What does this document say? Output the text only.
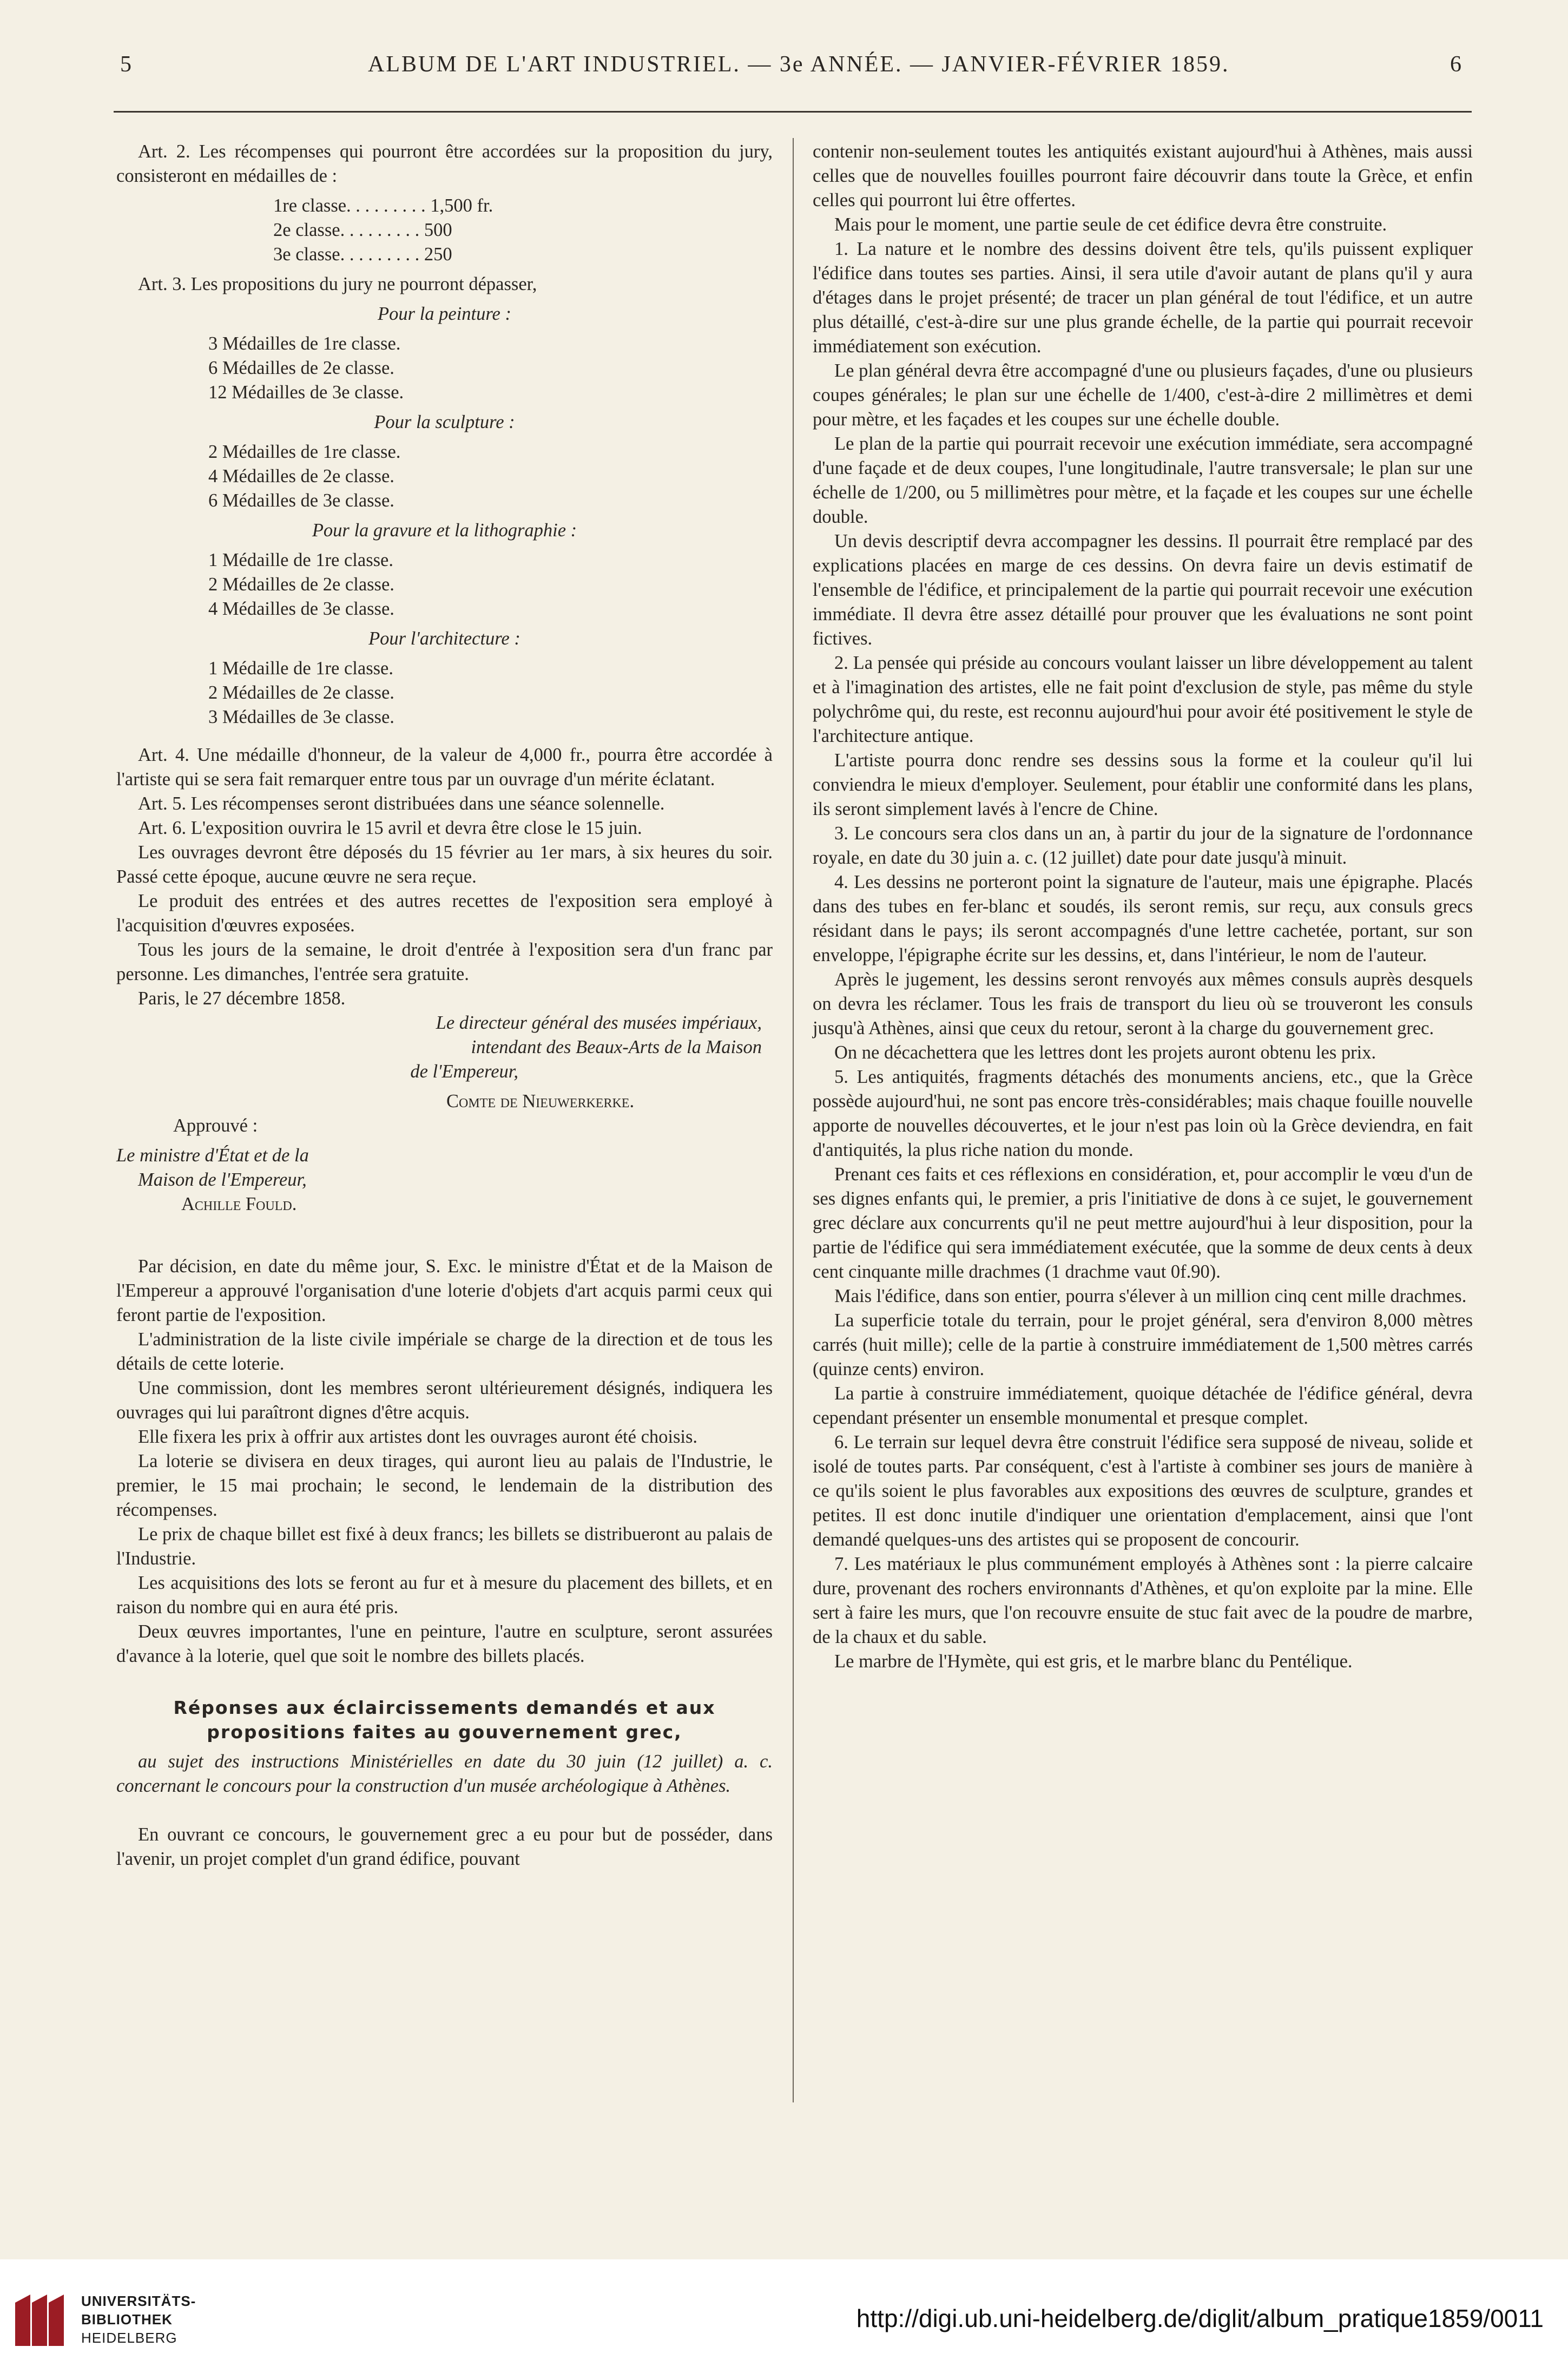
5	ALBUM DE L'ART INDUSTRIEL. — 3e ANNÉE. — JANVIER-FÉVRIER 1859.	6

Art. 2. Les récompenses qui pourront être accordées sur la proposition du jury, consisteront en médailles de :

1re classe. . . . . . . . . 1,500 fr.

2e classe. . . . . . . . . 500

3e classe. . . . . . . . . 250

Art. 3. Les propositions du jury ne pourront dépasser,

Pour la peinture :

3 Médailles de 1re classe.

6 Médailles de 2e classe.

12 Médailles de 3e classe.

Pour la sculpture :

2 Médailles de 1re classe.

4 Médailles de 2e classe.

6 Médailles de 3e classe.

Pour la gravure et la lithographie :

1 Médaille de 1re classe.

2 Médailles de 2e classe.

4 Médailles de 3e classe.

Pour l'architecture :

1 Médaille de 1re classe.

2 Médailles de 2e classe.

3 Médailles de 3e classe.

Art. 4. Une médaille d'honneur, de la valeur de 4,000 fr., pourra être accordée à l'artiste qui se sera fait remarquer entre tous par un ouvrage d'un mérite éclatant.

Art. 5. Les récompenses seront distribuées dans une séance solennelle.

Art. 6. L'exposition ouvrira le 15 avril et devra être close le 15 juin.

Les ouvrages devront être déposés du 15 février au 1er mars, à six heures du soir. Passé cette époque, aucune œuvre ne sera reçue.

Le produit des entrées et des autres recettes de l'exposition sera employé à l'acquisition d'œuvres exposées.

Tous les jours de la semaine, le droit d'entrée à l'exposition sera d'un franc par personne. Les dimanches, l'entrée sera gratuite.

Paris, le 27 décembre 1858.

Le directeur général des musées impériaux,

intendant des Beaux-Arts de la Maison

de l'Empereur,

Comte de Nieuwerkerke.

Approuvé :

Le ministre d'État et de la

Maison de l'Empereur,

Achille Fould.

Par décision, en date du même jour, S. Exc. le ministre d'État et de la Maison de l'Empereur a approuvé l'organisation d'une loterie d'objets d'art acquis parmi ceux qui feront partie de l'exposition.

L'administration de la liste civile impériale se charge de la direction et de tous les détails de cette loterie.

Une commission, dont les membres seront ultérieurement désignés, indiquera les ouvrages qui lui paraîtront dignes d'être acquis.

Elle fixera les prix à offrir aux artistes dont les ouvrages auront été choisis.

La loterie se divisera en deux tirages, qui auront lieu au palais de l'Industrie, le premier, le 15 mai prochain; le second, le lendemain de la distribution des récompenses.

Le prix de chaque billet est fixé à deux francs; les billets se distribueront au palais de l'Industrie.

Les acquisitions des lots se feront au fur et à mesure du placement des billets, et en raison du nombre qui en aura été pris.

Deux œuvres importantes, l'une en peinture, l'autre en sculpture, seront assurées d'avance à la loterie, quel que soit le nombre des billets placés.

Réponses aux éclaircissements demandés et aux

propositions faites au gouvernement grec,

au sujet des instructions Ministérielles en date du 30 juin (12 juillet) a. c. concernant le concours pour la construction d'un musée archéologique à Athènes.

En ouvrant ce concours, le gouvernement grec a eu pour but de posséder, dans l'avenir, un projet complet d'un grand édifice, pouvant

contenir non-seulement toutes les antiquités existant aujourd'hui à Athènes, mais aussi celles que de nouvelles fouilles pourront faire découvrir dans toute la Grèce, et enfin celles qui pourront lui être offertes.

Mais pour le moment, une partie seule de cet édifice devra être construite.

1. La nature et le nombre des dessins doivent être tels, qu'ils puissent expliquer l'édifice dans toutes ses parties. Ainsi, il sera utile d'avoir autant de plans qu'il y aura d'étages dans le projet présenté; de tracer un plan général de tout l'édifice, et un autre plus détaillé, c'est-à-dire sur une plus grande échelle, de la partie qui pourrait recevoir immédiatement son exécution.

Le plan général devra être accompagné d'une ou plusieurs façades, d'une ou plusieurs coupes générales; le plan sur une échelle de 1/400, c'est-à-dire 2 millimètres et demi pour mètre, et les façades et les coupes sur une échelle double.

Le plan de la partie qui pourrait recevoir une exécution immédiate, sera accompagné d'une façade et de deux coupes, l'une longitudinale, l'autre transversale; le plan sur une échelle de 1/200, ou 5 millimètres pour mètre, et la façade et les coupes sur une échelle double.

Un devis descriptif devra accompagner les dessins. Il pourrait être remplacé par des explications placées en marge de ces dessins. On devra faire un devis estimatif de l'ensemble de l'édifice, et principalement de la partie qui pourrait recevoir une exécution immédiate. Il devra être assez détaillé pour prouver que les évaluations ne sont point fictives.

2. La pensée qui préside au concours voulant laisser un libre développement au talent et à l'imagination des artistes, elle ne fait point d'exclusion de style, pas même du style polychrôme qui, du reste, est reconnu aujourd'hui pour avoir été positivement le style de l'architecture antique.

L'artiste pourra donc rendre ses dessins sous la forme et la couleur qu'il lui conviendra le mieux d'employer. Seulement, pour établir une conformité dans les plans, ils seront simplement lavés à l'encre de Chine.

3. Le concours sera clos dans un an, à partir du jour de la signature de l'ordonnance royale, en date du 30 juin a. c. (12 juillet) date pour date jusqu'à minuit.

4. Les dessins ne porteront point la signature de l'auteur, mais une épigraphe. Placés dans des tubes en fer-blanc et soudés, ils seront remis, sur reçu, aux consuls grecs résidant dans le pays; ils seront accompagnés d'une lettre cachetée, portant, sur son enveloppe, l'épigraphe écrite sur les dessins, et, dans l'intérieur, le nom de l'auteur.

Après le jugement, les dessins seront renvoyés aux mêmes consuls auprès desquels on devra les réclamer. Tous les frais de transport du lieu où se trouveront les consuls jusqu'à Athènes, ainsi que ceux du retour, seront à la charge du gouvernement grec.

On ne décachettera que les lettres dont les projets auront obtenu les prix.

5. Les antiquités, fragments détachés des monuments anciens, etc., que la Grèce possède aujourd'hui, ne sont pas encore très-considérables; mais chaque fouille nouvelle apporte de nouvelles découvertes, et le jour n'est pas loin où la Grèce deviendra, en fait d'antiquités, la plus riche nation du monde.

Prenant ces faits et ces réflexions en considération, et, pour accomplir le vœu d'un de ses dignes enfants qui, le premier, a pris l'initiative de dons à ce sujet, le gouvernement grec déclare aux concurrents qu'il ne peut mettre aujourd'hui à leur disposition, pour la partie de l'édifice qui sera immédiatement exécutée, que la somme de deux cents à deux cent cinquante mille drachmes (1 drachme vaut 0f.90).

Mais l'édifice, dans son entier, pourra s'élever à un million cinq cent mille drachmes.

La superficie totale du terrain, pour le projet général, sera d'environ 8,000 mètres carrés (huit mille); celle de la partie à construire immédiatement de 1,500 mètres carrés (quinze cents) environ.

La partie à construire immédiatement, quoique détachée de l'édifice général, devra cependant présenter un ensemble monumental et presque complet.

6. Le terrain sur lequel devra être construit l'édifice sera supposé de niveau, solide et isolé de toutes parts. Par conséquent, c'est à l'artiste à combiner ses jours de manière à ce qu'ils soient le plus favorables aux expositions des œuvres de sculpture, grandes et petites. Il est donc inutile d'indiquer une orientation d'emplacement, ainsi que l'ont demandé quelques-uns des artistes qui se proposent de concourir.

7. Les matériaux le plus communément employés à Athènes sont : la pierre calcaire dure, provenant des rochers environnants d'Athènes, et qu'on exploite par la mine. Elle sert à faire les murs, que l'on recouvre ensuite de stuc fait avec de la poudre de marbre, de la chaux et du sable.

Le marbre de l'Hymète, qui est gris, et le marbre blanc du Pentélique.

UNIVERSITÄTS-
BIBLIOTHEK
HEIDELBERG
http://digi.ub.uni-heidelberg.de/diglit/album_pratique1859/0011
